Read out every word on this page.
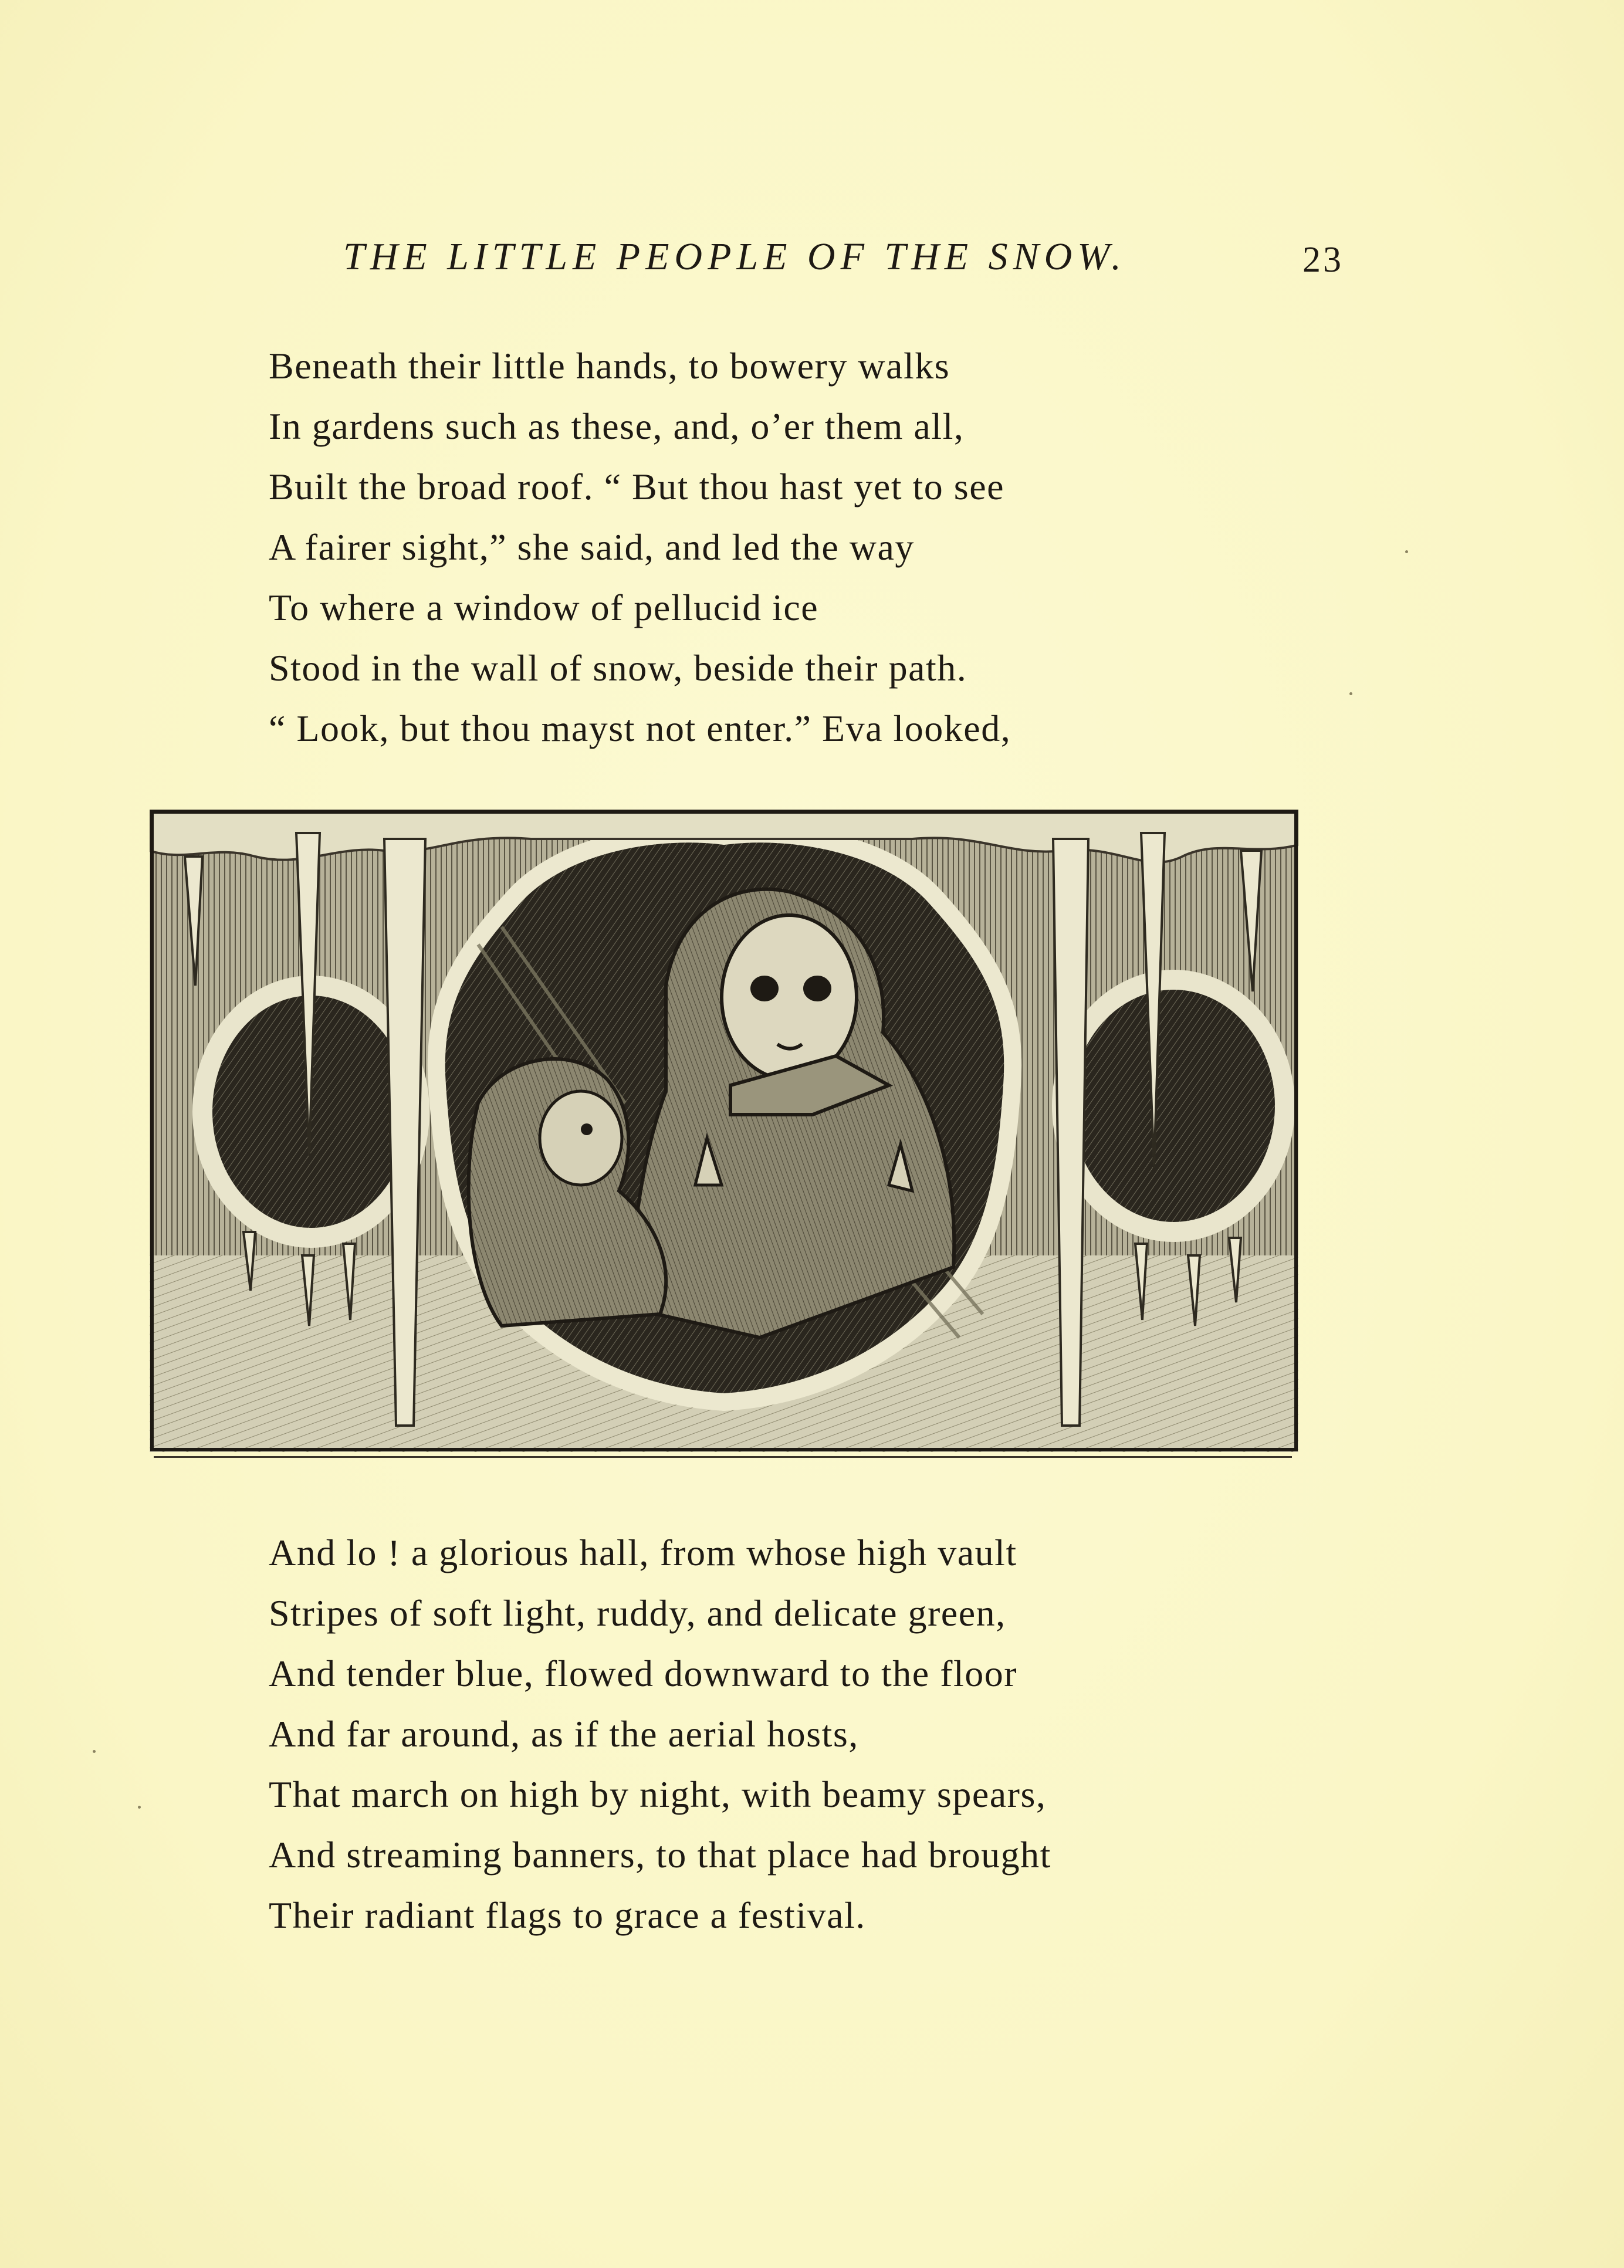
THE LITTLE PEOPLE OF THE SNOW.	23
Beneath their little hands, to bowery walks
In gardens such as these, and, o’er them all,
Built the broad roof. “ But thou hast yet to see
A fairer sight,” she said, and led the way
To where a window of pellucid ice
Stood in the wall of snow, beside their path.
“ Look, but thou mayst not enter.” Eva looked,
And lo ! a glorious hall, from whose high vault
Stripes of soft light, ruddy, and delicate green,
And tender blue, flowed downward to the floor
And far around, as if the aerial hosts,
That march on high by night, with beamy spears,
And streaming banners, to that place had brought
Their radiant flags to grace a festival.
